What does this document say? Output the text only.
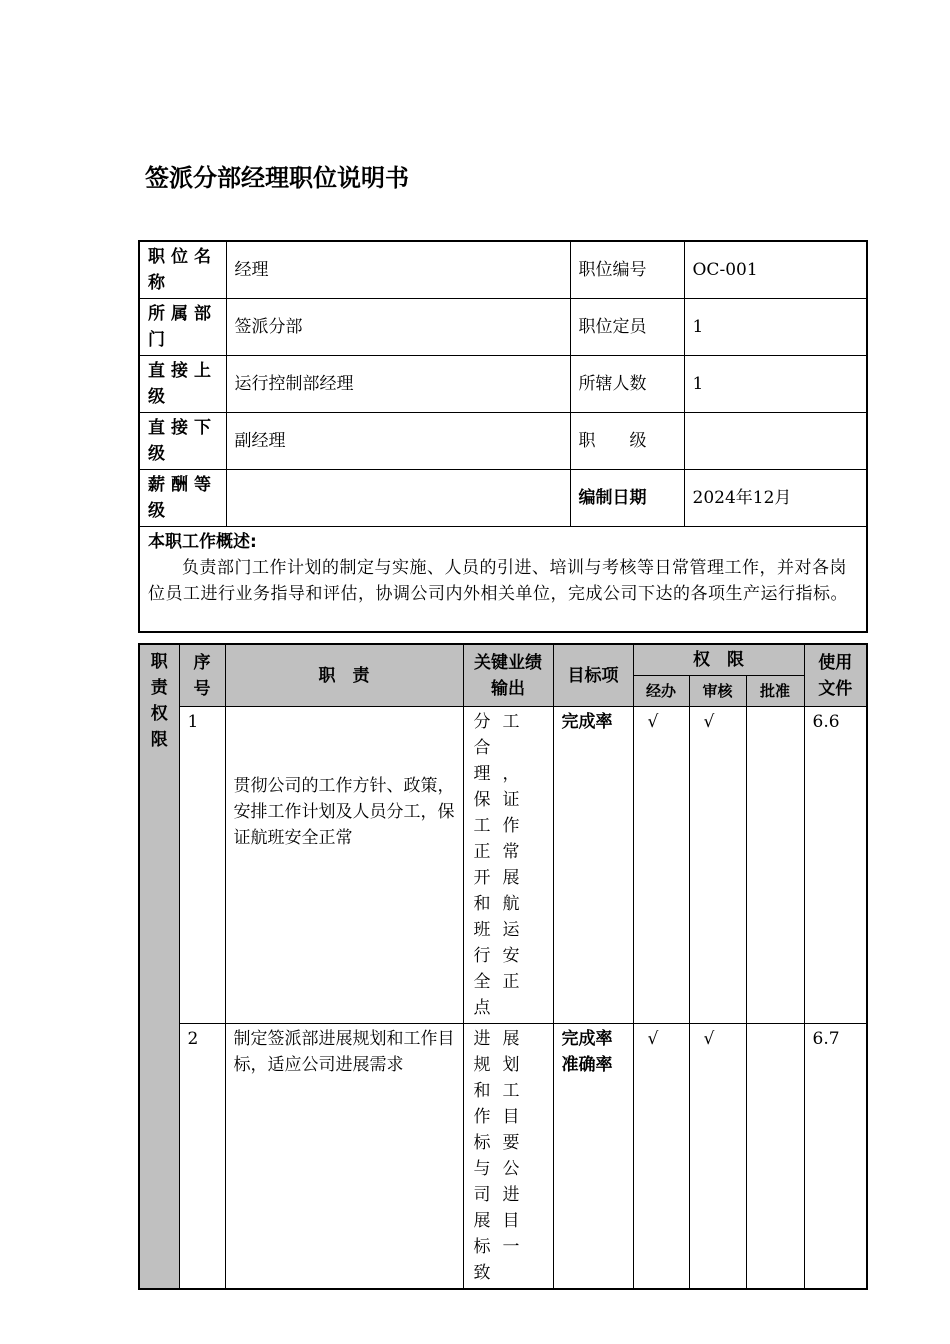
签派分部经理职位说明书
职位名称	经理	职位编号	OC-001
所属部门	签派分部	职位定员	1
直接上级	运行控制部经理	所辖人数	1
直接下级	副经理	职　　级	
薪酬等级		编制日期	2024年12月

本职工作概述:
负责部门工作计划的制定与实施、人员的引进、培训与考核等日常管理工作，并对各岗位员工进行业务指导和评估，协调公司内外相关单位，完成公司下达的各项生产运行指标。			
职责权限	序号	职　责	关键业绩输出	目标项	权　限			使用文件
					经办	审核	批准	
	1	贯彻公司的工作方针、政策，安排工作计划及人员分工，保证航班安全正常	分工合理，保证工作正常开展和航班运行安全正点	完成率	√	√		6.6
	2	制定签派部进展规划和工作目标，适应公司进展需求	进展规划和工作目标要与公司进展目标一致	完成率准确率	√	√		6.7
